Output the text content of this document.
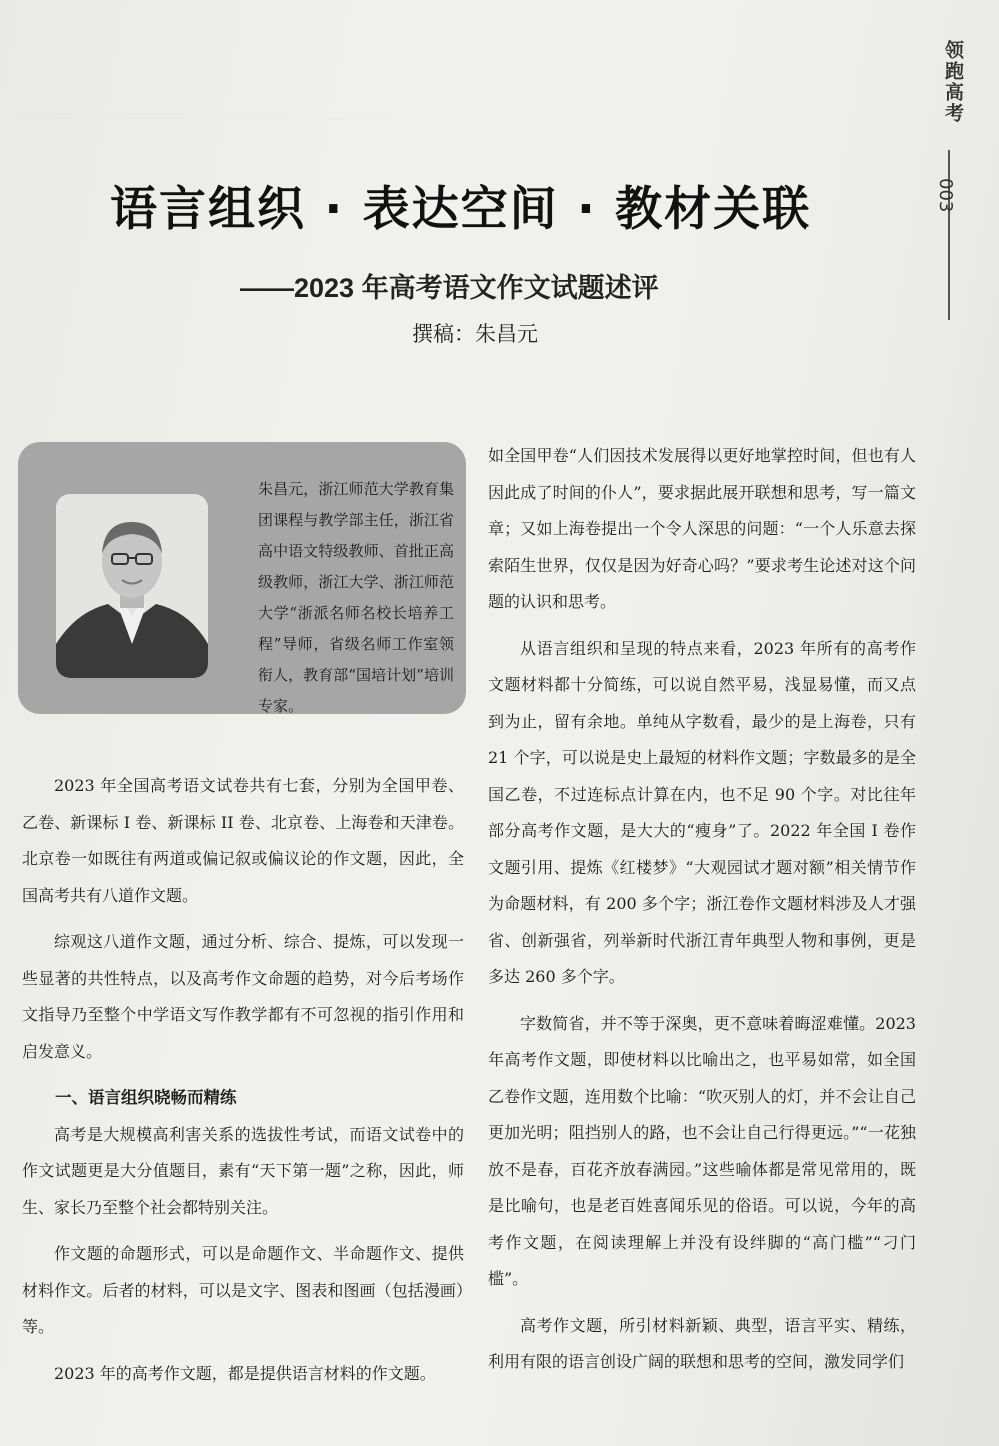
领跑高考
003
语言组织 · 表达空间 · 教材关联
——2023 年高考语文作文试题述评
撰稿：朱昌元
朱昌元，浙江师范大学教育集团课程与教学部主任，浙江省高中语文特级教师、首批正高级教师，浙江大学、浙江师范大学“浙派名师名校长培养工程”导师，省级名师工作室领衔人，教育部“国培计划”培训专家。

2023 年全国高考语文试卷共有七套，分别为全国甲卷、乙卷、新课标 I 卷、新课标 II 卷、北京卷、上海卷和天津卷。北京卷一如既往有两道或偏记叙或偏议论的作文题，因此，全国高考共有八道作文题。

综观这八道作文题，通过分析、综合、提炼，可以发现一些显著的共性特点，以及高考作文命题的趋势，对今后考场作文指导乃至整个中学语文写作教学都有不可忽视的指引作用和启发意义。

一、语言组织晓畅而精练

高考是大规模高利害关系的选拔性考试，而语文试卷中的作文试题更是大分值题目，素有“天下第一题”之称，因此，师生、家长乃至整个社会都特别关注。

作文题的命题形式，可以是命题作文、半命题作文、提供材料作文。后者的材料，可以是文字、图表和图画（包括漫画）等。

2023 年的高考作文题，都是提供语言材料的作文题。

如全国甲卷“人们因技术发展得以更好地掌控时间，但也有人因此成了时间的仆人”，要求据此展开联想和思考，写一篇文章；又如上海卷提出一个令人深思的问题：“一个人乐意去探索陌生世界，仅仅是因为好奇心吗？”要求考生论述对这个问题的认识和思考。

从语言组织和呈现的特点来看，2023 年所有的高考作文题材料都十分简练，可以说自然平易，浅显易懂，而又点到为止，留有余地。单纯从字数看，最少的是上海卷，只有 21 个字，可以说是史上最短的材料作文题；字数最多的是全国乙卷，不过连标点计算在内，也不足 90 个字。对比往年部分高考作文题，是大大的“瘦身”了。2022 年全国 I 卷作文题引用、提炼《红楼梦》“大观园试才题对额”相关情节作为命题材料，有 200 多个字；浙江卷作文题材料涉及人才强省、创新强省，列举新时代浙江青年典型人物和事例，更是多达 260 多个字。

字数简省，并不等于深奥，更不意味着晦涩难懂。2023 年高考作文题，即使材料以比喻出之，也平易如常，如全国乙卷作文题，连用数个比喻：“吹灭别人的灯，并不会让自己更加光明；阻挡别人的路，也不会让自己行得更远。”“一花独放不是春，百花齐放春满园。”这些喻体都是常见常用的，既是比喻句，也是老百姓喜闻乐见的俗语。可以说，今年的高考作文题，在阅读理解上并没有设绊脚的“高门槛”“刁门槛”。

高考作文题，所引材料新颖、典型，语言平实、精练，利用有限的语言创设广阔的联想和思考的空间，激发同学们
